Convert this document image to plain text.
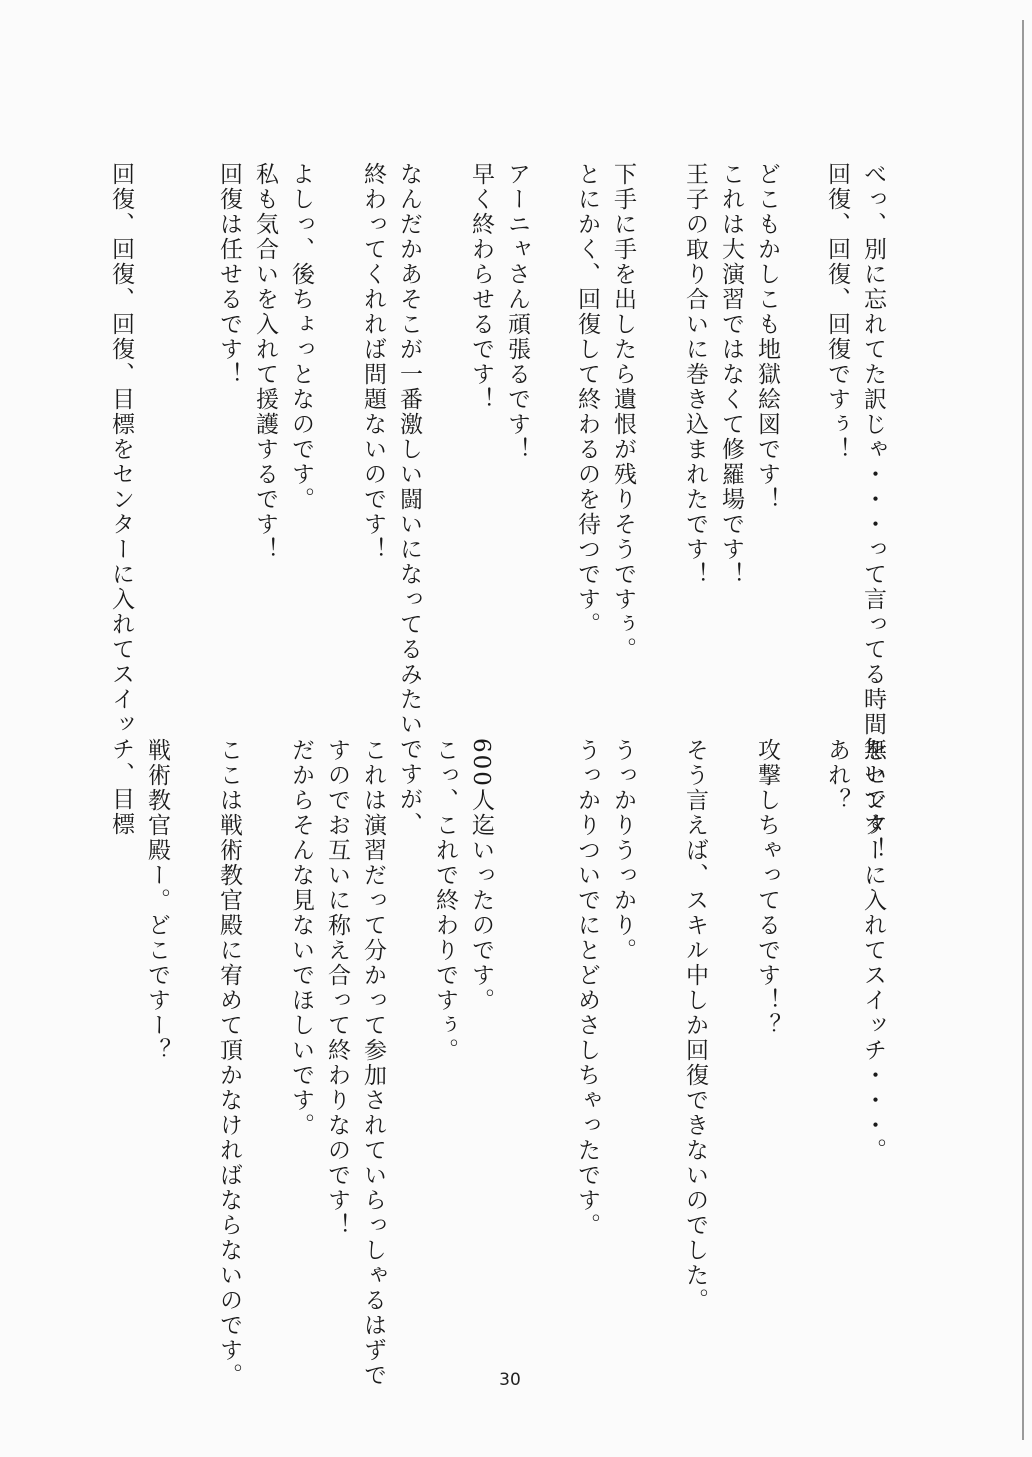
べっ、別に忘れてた訳じゃ・・・って言ってる時間無いです！
回復、回復、回復ですぅ！
どこもかしこも地獄絵図です！
これは大演習ではなくて修羅場です！
王子の取り合いに巻き込まれたです！
下手に手を出したら遺恨が残りそうですぅ。
とにかく、回復して終わるのを待つです。
アーニャさん頑張るです！
早く終わらせるです！
なんだかあそこが一番激しい闘いになってるみたいですが、
終わってくれれば問題ないのです！
よしっ、後ちょっとなのです。
私も気合いを入れて援護するです！
回復は任せるです！
回復、回復、回復、目標をセンターに入れてスイッチ、目標
をセンターに入れてスイッチ・・・。
あれ？
攻撃しちゃってるです！？
そう言えば、スキル中しか回復できないのでした。
うっかりうっかり。
うっかりついでにとどめさしちゃったです。
600人迄いったのです。
こっ、これで終わりですぅ。
これは演習だって分かって参加されていらっしゃるはずで
すのでお互いに称え合って終わりなのです！
だからそんな見ないでほしいです。
ここは戦術教官殿に宥めて頂かなければならないのです。
戦術教官殿ー。どこですー？
30
